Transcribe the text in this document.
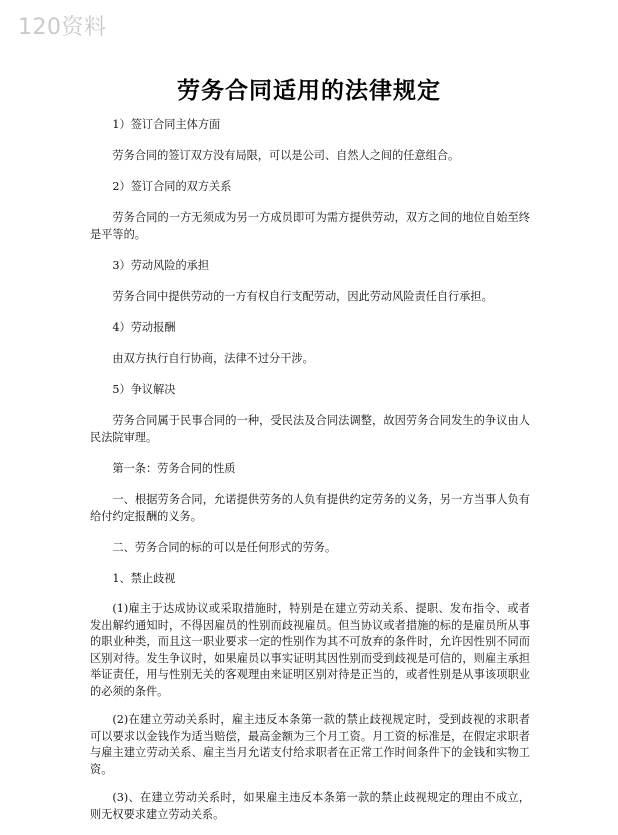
120资料
劳务合同适用的法律规定

1）签订合同主体方面

劳务合同的签订双方没有局限，可以是公司、自然人之间的任意组合。

2）签订合同的双方关系

劳务合同的一方无须成为另一方成员即可为需方提供劳动，双方之间的地位自始至终是平等的。

3）劳动风险的承担

劳务合同中提供劳动的一方有权自行支配劳动，因此劳动风险责任自行承担。

4）劳动报酬

由双方执行自行协商，法律不过分干涉。

5）争议解决

劳务合同属于民事合同的一种，受民法及合同法调整，故因劳务合同发生的争议由人民法院审理。

第一条：劳务合同的性质

一、根据劳务合同，允诺提供劳务的人负有提供约定劳务的义务，另一方当事人负有给付约定报酬的义务。

二、劳务合同的标的可以是任何形式的劳务。

1、禁止歧视

(1)雇主于达成协议或采取措施时，特别是在建立劳动关系、提职、发布指令、或者发出解约通知时，不得因雇员的性别而歧视雇员。但当协议或者措施的标的是雇员所从事的职业种类，而且这一职业要求一定的性别作为其不可放弃的条件时，允许因性别不同而区别对待。发生争议时，如果雇员以事实证明其因性别而受到歧视是可信的，则雇主承担举证责任，用与性别无关的客观理由来证明区别对待是正当的，或者性别是从事该项职业的必须的条件。

(2)在建立劳动关系时，雇主违反本条第一款的禁止歧视规定时，受到歧视的求职者可以要求以金钱作为适当赔偿，最高金额为三个月工资。月工资的标准是，在假定求职者与雇主建立劳动关系、雇主当月允诺支付给求职者在正常工作时间条件下的金钱和实物工资。

(3)、在建立劳动关系时，如果雇主违反本条第一款的禁止歧视规定的理由不成立，则无权要求建立劳动关系。
